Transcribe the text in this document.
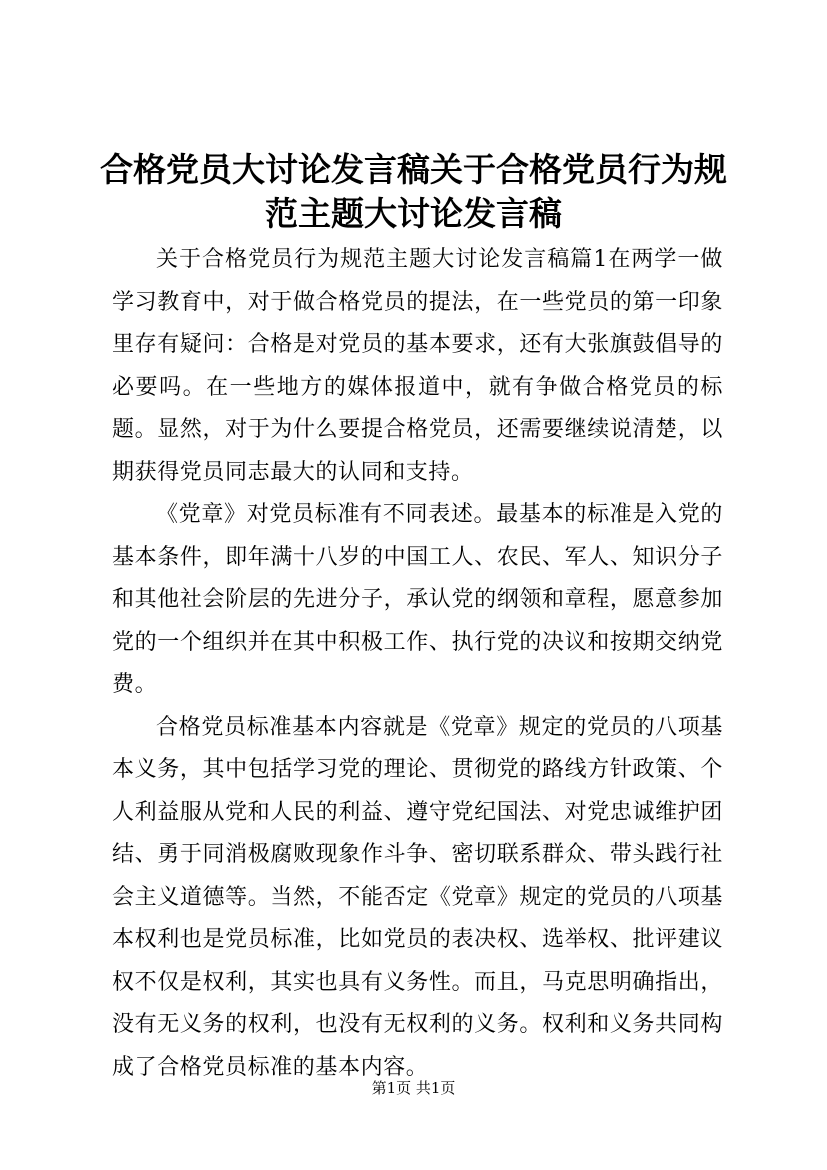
合格党员大讨论发言稿关于合格党员行为规范主题大讨论发言稿

关于合格党员行为规范主题大讨论发言稿篇1在两学一做学习教育中，对于做合格党员的提法，在一些党员的第一印象里存有疑问：合格是对党员的基本要求，还有大张旗鼓倡导的必要吗。在一些地方的媒体报道中，就有争做合格党员的标题。显然，对于为什么要提合格党员，还需要继续说清楚，以期获得党员同志最大的认同和支持。

《党章》对党员标准有不同表述。最基本的标准是入党的基本条件，即年满十八岁的中国工人、农民、军人、知识分子和其他社会阶层的先进分子，承认党的纲领和章程，愿意参加党的一个组织并在其中积极工作、执行党的决议和按期交纳党费。

合格党员标准基本内容就是《党章》规定的党员的八项基本义务，其中包括学习党的理论、贯彻党的路线方针政策、个人利益服从党和人民的利益、遵守党纪国法、对党忠诚维护团结、勇于同消极腐败现象作斗争、密切联系群众、带头践行社会主义道德等。当然，不能否定《党章》规定的党员的八项基本权利也是党员标准，比如党员的表决权、选举权、批评建议权不仅是权利，其实也具有义务性。而且，马克思明确指出，没有无义务的权利，也没有无权利的义务。权利和义务共同构成了合格党员标准的基本内容。

第1页 共1页
